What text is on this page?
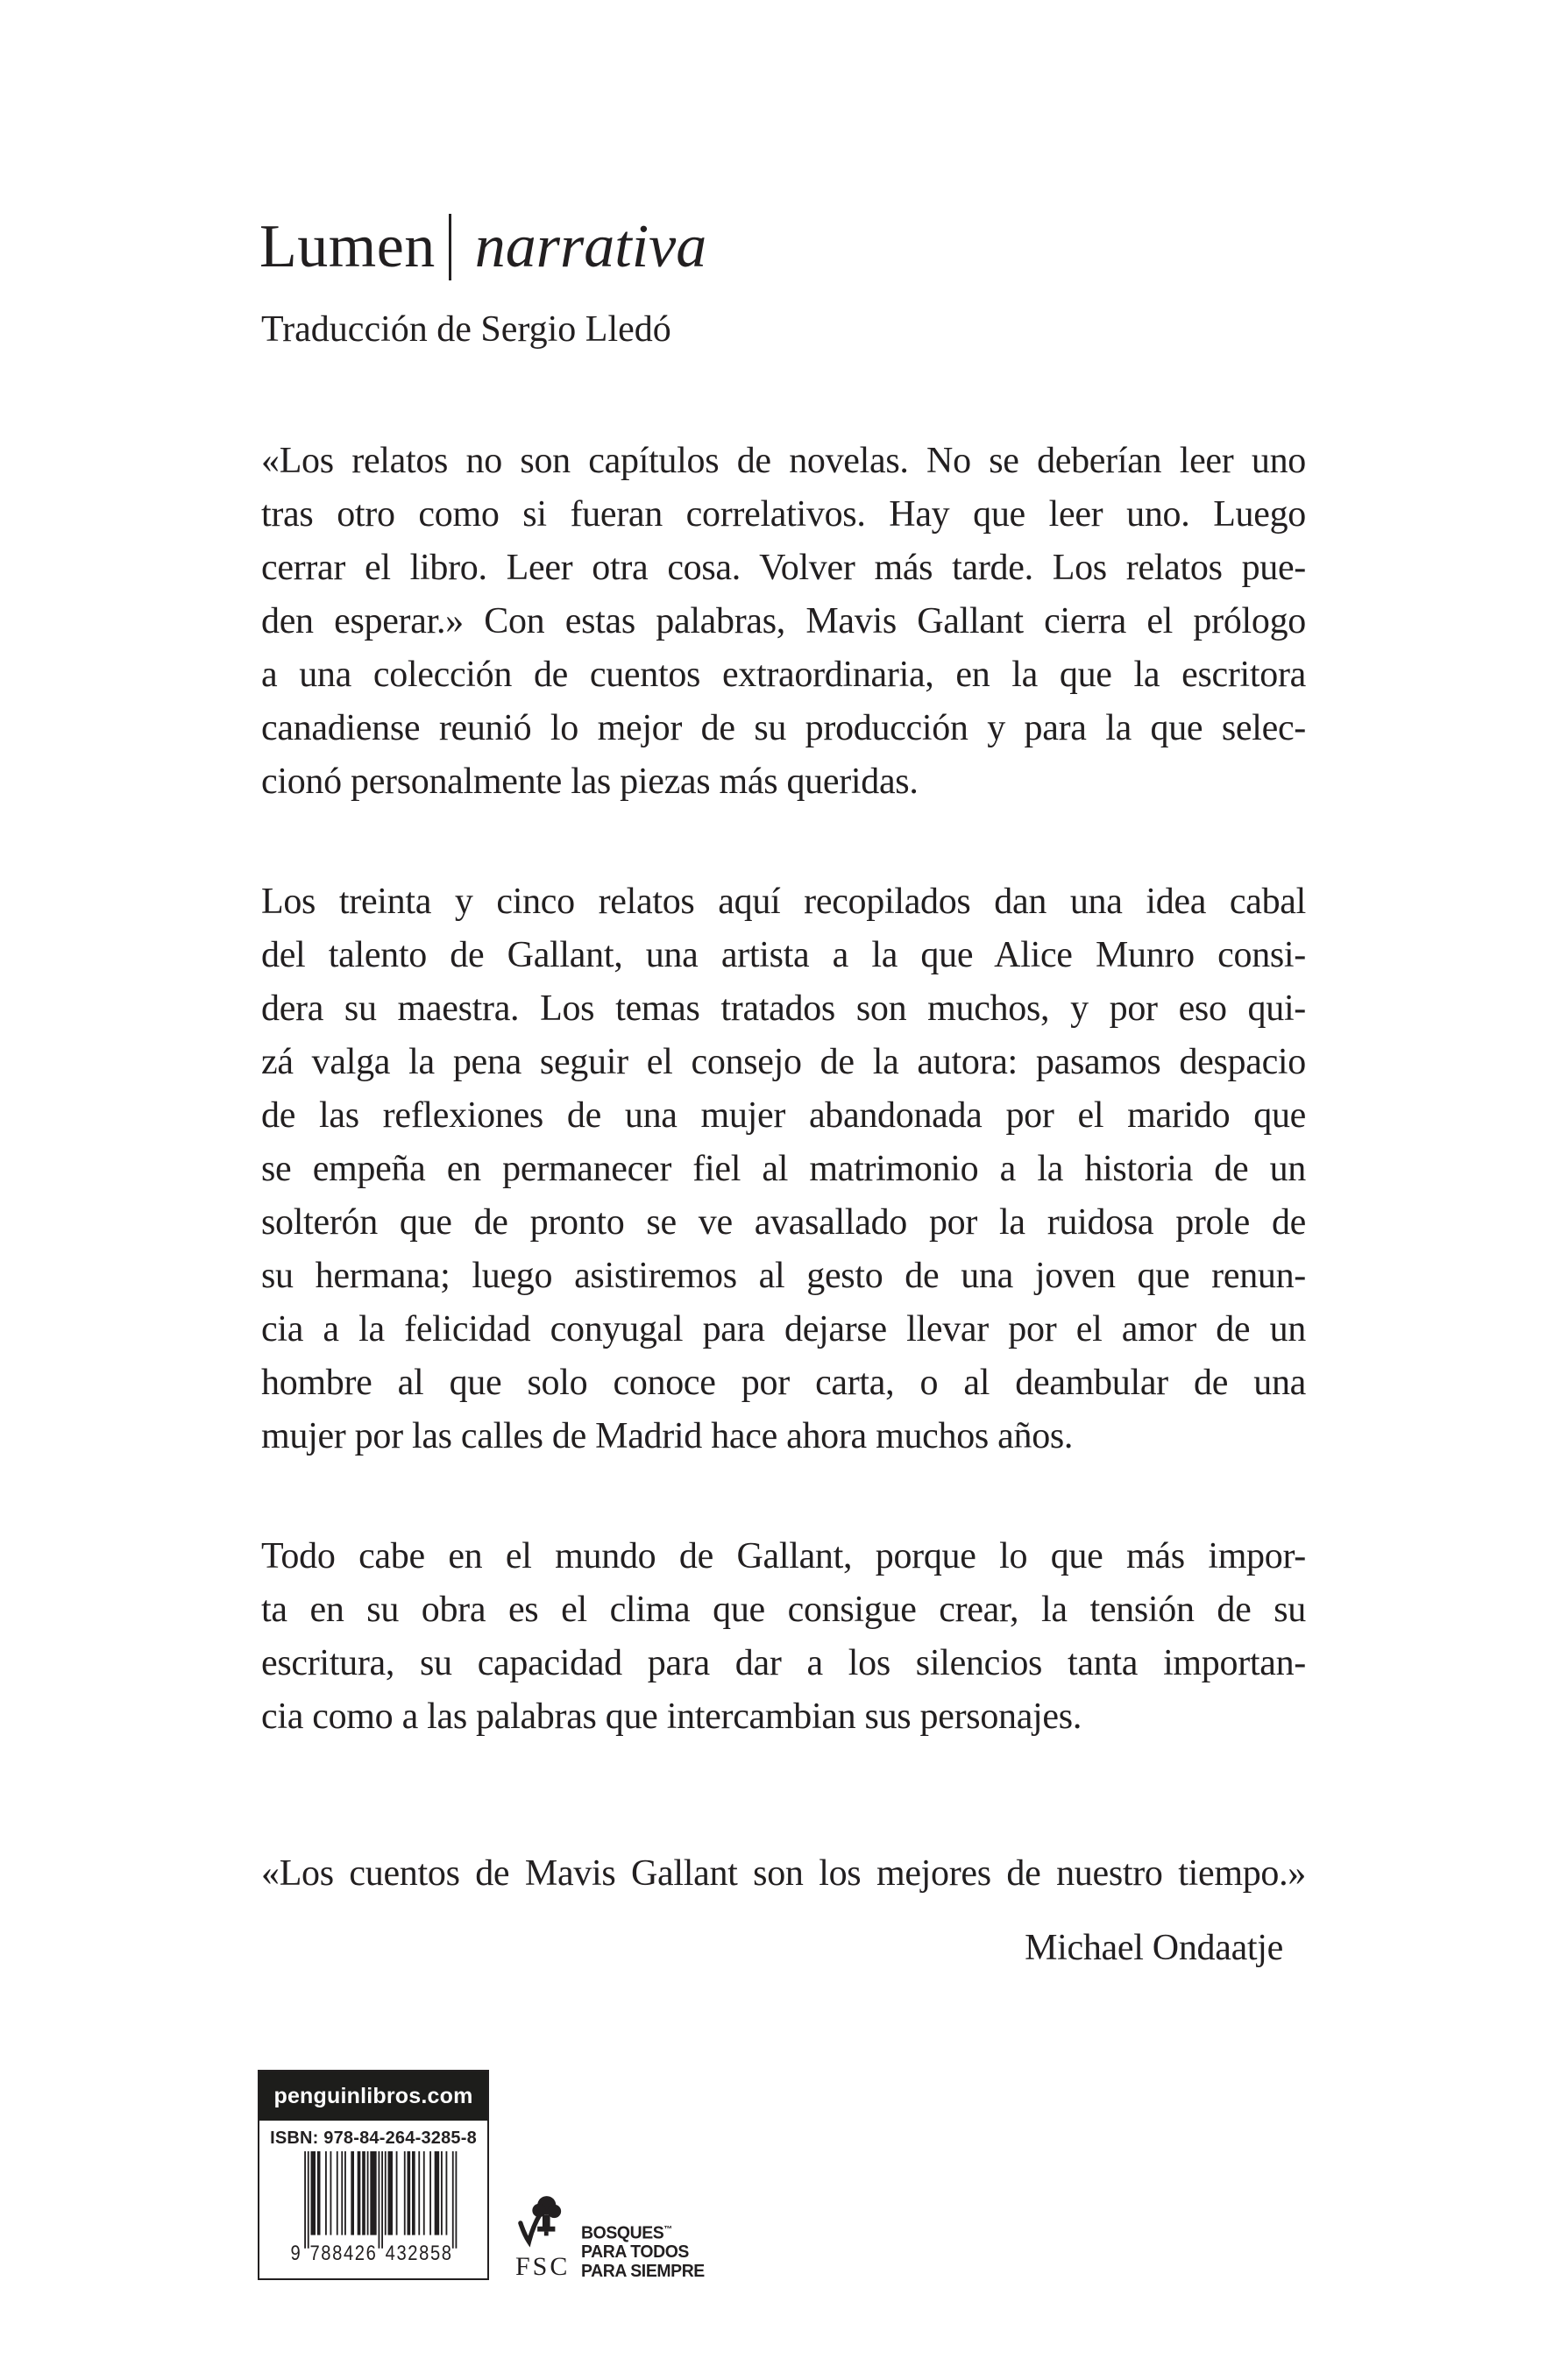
Lumen narrativa
Traducción de Sergio Lledó
«Los relatos no son capítulos de novelas. No se deberían leer uno
tras otro como si fueran correlativos. Hay que leer uno. Luego
cerrar el libro. Leer otra cosa. Volver más tarde. Los relatos pue-
den esperar.» Con estas palabras, Mavis Gallant cierra el prólogo
a una colección de cuentos extraordinaria, en la que la escritora
canadiense reunió lo mejor de su producción y para la que selec-
cionó personalmente las piezas más queridas.
Los treinta y cinco relatos aquí recopilados dan una idea cabal
del talento de Gallant, una artista a la que Alice Munro consi-
dera su maestra. Los temas tratados son muchos, y por eso qui-
zá valga la pena seguir el consejo de la autora: pasamos despacio
de las reflexiones de una mujer abandonada por el marido que
se empeña en permanecer fiel al matrimonio a la historia de un
solterón que de pronto se ve avasallado por la ruidosa prole de
su hermana; luego asistiremos al gesto de una joven que renun-
cia a la felicidad conyugal para dejarse llevar por el amor de un
hombre al que solo conoce por carta, o al deambular de una
mujer por las calles de Madrid hace ahora muchos años.
Todo cabe en el mundo de Gallant, porque lo que más impor-
ta en su obra es el clima que consigue crear, la tensión de su
escritura, su capacidad para dar a los silencios tanta importan-
cia como a las palabras que intercambian sus personajes.
«Los cuentos de Mavis Gallant son los mejores de nuestro tiempo.»
Michael Ondaatje
penguinlibros.com
ISBN: 978-84-264-3285-8
9 7 8 8 4 2 6 4 3 2 8 5 8 FSC
BOSQUES™
PARA TODOS
PARA SIEMPRE
